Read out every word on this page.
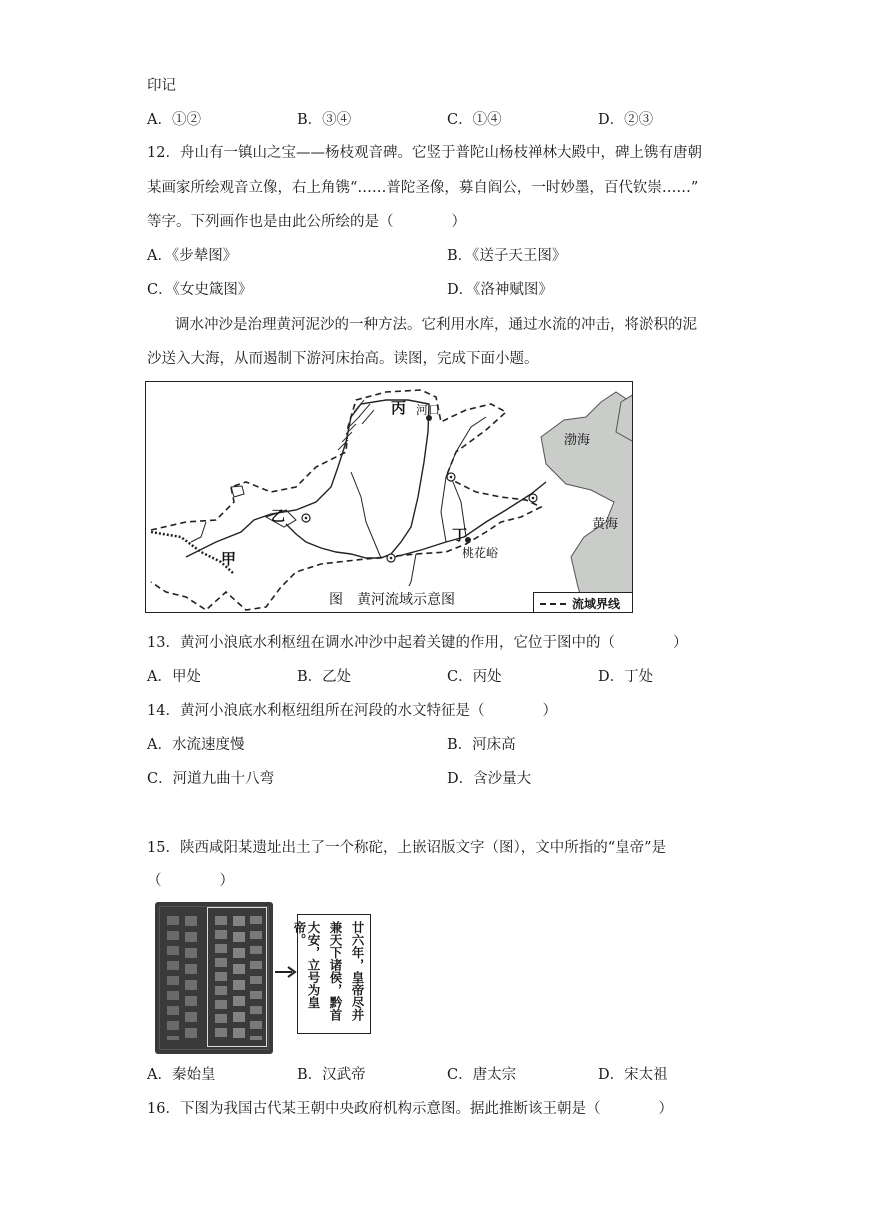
印记
A．①②	B．③④	C．①④	D．②③
12．舟山有一镇山之宝——杨枝观音碑。它竖于普陀山杨枝禅林大殿中，碑上镌有唐朝
某画家所绘观音立像，右上角镌“……普陀圣像，募自阎公，一时妙墨，百代钦崇……”
等字。下列画作也是由此公所绘的是（　　　　）
A．《步辇图》	B．《送子天王图》
C．《女史箴图》	D．《洛神赋图》
调水冲沙是治理黄河泥沙的一种方法。它利用水库，通过水流的冲击，将淤积的泥
沙送入大海，从而遏制下游河床抬高。读图，完成下面小题。
丙 河口
乙
甲
丁
桃花峪
渤海
黄海
图　黄河流域示意图	流域界线
13．黄河小浪底水利枢纽在调水冲沙中起着关键的作用，它位于图中的（　　　　）
A．甲处	B．乙处	C．丙处	D．丁处
14．黄河小浪底水利枢纽组所在河段的水文特征是（　　　　）
A．水流速度慢	B．河床高
C．河道九曲十八弯	D．含沙量大
15．陕西咸阳某遗址出土了一个称砣，上嵌诏版文字（图），文中所指的“皇帝”是
（　　　　）
廿六年，皇帝尽并
兼天下诸侯，黔首
大安，立号为皇帝。
A．秦始皇	B．汉武帝	C．唐太宗	D．宋太祖
16．下图为我国古代某王朝中央政府机构示意图。据此推断该王朝是（　　　　）
